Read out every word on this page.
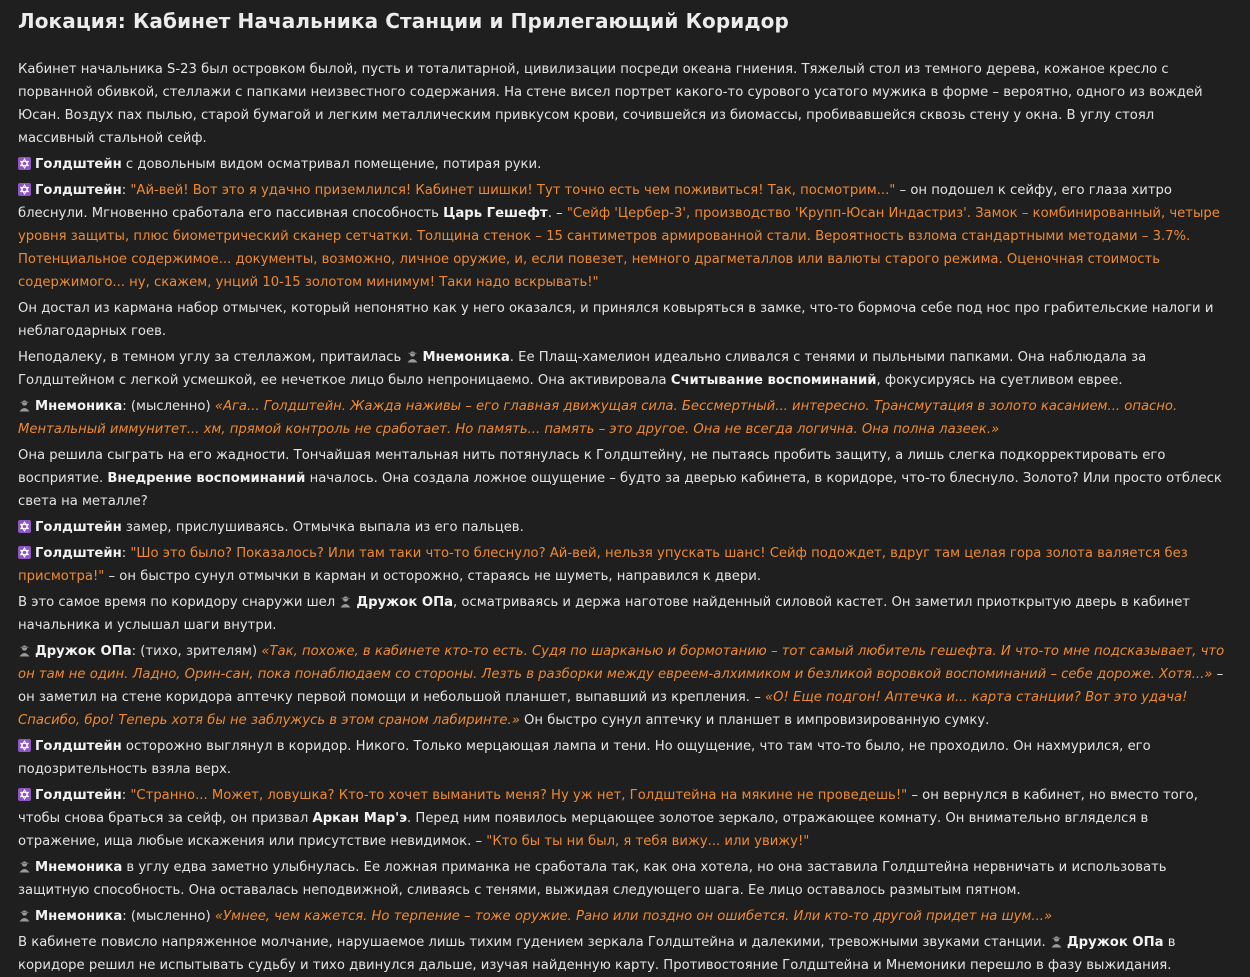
Локация: Кабинет Начальника Станции и Прилегающий Коридор

Кабинет начальника S-23 был островком былой, пусть и тоталитарной, цивилизации посреди океана гниения. Тяжелый стол из темного дерева, кожаное кресло с порванной обивкой, стеллажи с папками неизвестного содержания. На стене висел портрет какого-то сурового усатого мужика в форме – вероятно, одного из вождей Юсан. Воздух пах пылью, старой бумагой и легким металлическим привкусом крови, сочившейся из биомассы, пробивавшейся сквозь стену у окна. В углу стоял массивный стальной сейф.

Голдштейн с довольным видом осматривал помещение, потирая руки.

Голдштейн: "Ай-вей! Вот это я удачно приземлился! Кабинет шишки! Тут точно есть чем поживиться! Так, посмотрим..." – он подошел к сейфу, его глаза хитро блеснули. Мгновенно сработала его пассивная способность Царь Гешефт. – "Сейф 'Цербер-3', производство 'Крупп-Юсан Индастриз'. Замок – комбинированный, четыре уровня защиты, плюс биометрический сканер сетчатки. Толщина стенок – 15 сантиметров армированной стали. Вероятность взлома стандартными методами – 3.7%. Потенциальное содержимое... документы, возможно, личное оружие, и, если повезет, немного драгметаллов или валюты старого режима. Оценочная стоимость содержимого... ну, скажем, унций 10-15 золотом минимум! Таки надо вскрывать!"

Он достал из кармана набор отмычек, который непонятно как у него оказался, и принялся ковыряться в замке, что-то бормоча себе под нос про грабительские налоги и неблагодарных гоев.

Неподалеку, в темном углу за стеллажом, притаилась
Мнемоника. Ее Плащ-хамелион идеально сливался с тенями и пыльными папками. Она наблюдала за Голдштейном с легкой усмешкой, ее нечеткое лицо было непроницаемо. Она активировала Считывание воспоминаний, фокусируясь на суетливом еврее.

Мнемоника: (мысленно) «Ага... Голдштейн. Жажда наживы – его главная движущая сила. Бессмертный... интересно. Трансмутация в золото касанием... опасно. Ментальный иммунитет... хм, прямой контроль не сработает. Но память... память – это другое. Она не всегда логична. Она полна лазеек.»

Она решила сыграть на его жадности. Тончайшая ментальная нить потянулась к Голдштейну, не пытаясь пробить защиту, а лишь слегка подкорректировать его восприятие. Внедрение воспоминаний началось. Она создала ложное ощущение – будто за дверью кабинета, в коридоре, что-то блеснуло. Золото? Или просто отблеск света на металле?

Голдштейн замер, прислушиваясь. Отмычка выпала из его пальцев.

Голдштейн: "Шо это было? Показалось? Или там таки что-то блеснуло? Ай-вей, нельзя упускать шанс! Сейф подождет, вдруг там целая гора золота валяется без присмотра!" – он быстро сунул отмычки в карман и осторожно, стараясь не шуметь, направился к двери.

В это самое время по коридору снаружи шел
Дружок ОПа, осматриваясь и держа наготове найденный силовой кастет. Он заметил приоткрытую дверь в кабинет начальника и услышал шаги внутри.

Дружок ОПа: (тихо, зрителям) «Так, похоже, в кабинете кто-то есть. Судя по шарканью и бормотанию – тот самый любитель гешефта. И что-то мне подсказывает, что он там не один. Ладно, Орин-сан, пока понаблюдаем со стороны. Лезть в разборки между евреем-алхимиком и безликой воровкой воспоминаний – себе дороже. Хотя...» – он заметил на стене коридора аптечку первой помощи и небольшой планшет, выпавший из крепления. – «О! Еще подгон! Аптечка и... карта станции? Вот это удача! Спасибо, бро! Теперь хотя бы не заблужусь в этом сраном лабиринте.» Он быстро сунул аптечку и планшет в импровизированную сумку.

Голдштейн осторожно выглянул в коридор. Никого. Только мерцающая лампа и тени. Но ощущение, что там что-то было, не проходило. Он нахмурился, его подозрительность взяла верх.

Голдштейн: "Странно... Может, ловушка? Кто-то хочет выманить меня? Ну уж нет, Голдштейна на мякине не проведешь!" – он вернулся в кабинет, но вместо того, чтобы снова браться за сейф, он призвал Аркан Мар'э. Перед ним появилось мерцающее золотое зеркало, отражающее комнату. Он внимательно вгляделся в отражение, ища любые искажения или присутствие невидимок. – "Кто бы ты ни был, я тебя вижу... или увижу!"

Мнемоника в углу едва заметно улыбнулась. Ее ложная приманка не сработала так, как она хотела, но она заставила Голдштейна нервничать и использовать защитную способность. Она оставалась неподвижной, сливаясь с тенями, выжидая следующего шага. Ее лицо оставалось размытым пятном.

Мнемоника: (мысленно) «Умнее, чем кажется. Но терпение – тоже оружие. Рано или поздно он ошибется. Или кто-то другой придет на шум...»

В кабинете повисло напряженное молчание, нарушаемое лишь тихим гудением зеркала Голдштейна и далекими, тревожными звуками станции.
Дружок ОПа в коридоре решил не испытывать судьбу и тихо двинулся дальше, изучая найденную карту. Противостояние Голдштейна и Мнемоники перешло в фазу выжидания.
